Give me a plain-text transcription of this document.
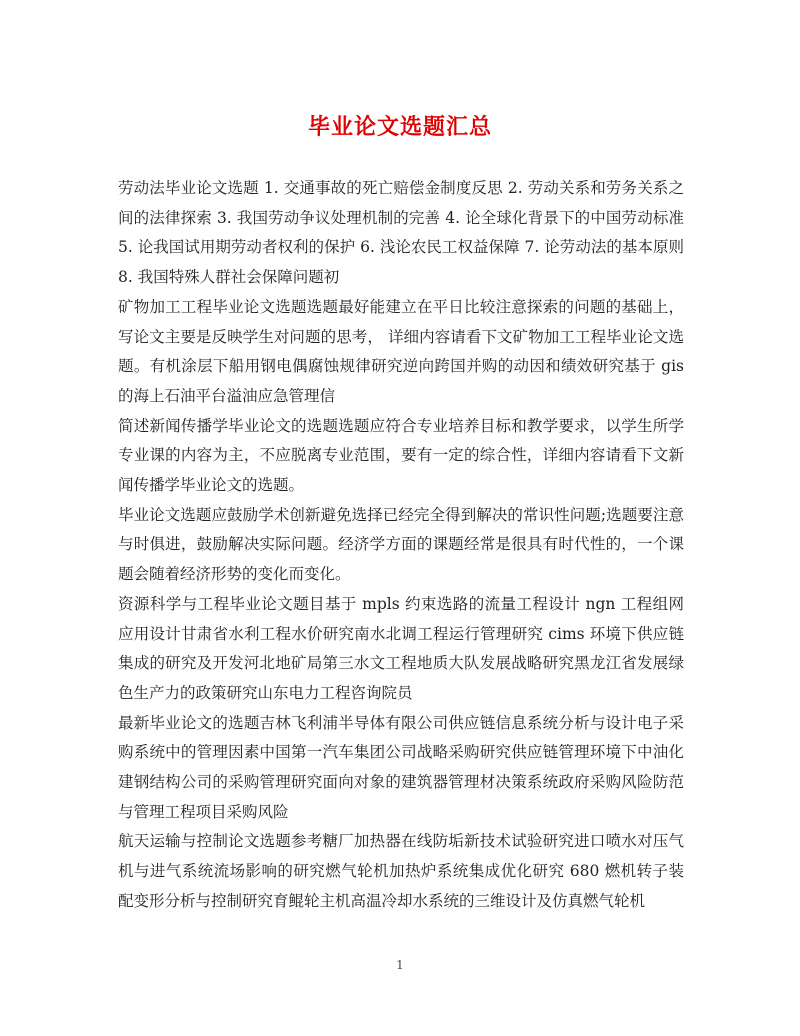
毕业论文选题汇总

劳动法毕业论文选题 1. 交通事故的死亡赔偿金制度反思 2. 劳动关系和劳务关系之间的法律探索 3. 我国劳动争议处理机制的完善 4. 论全球化背景下的中国劳动标准 5. 论我国试用期劳动者权利的保护 6. 浅论农民工权益保障 7. 论劳动法的基本原则 8. 我国特殊人群社会保障问题初

矿物加工工程毕业论文选题选题最好能建立在平日比较注意探索的问题的基础上，写论文主要是反映学生对问题的思考， 详细内容请看下文矿物加工工程毕业论文选题。有机涂层下船用钢电偶腐蚀规律研究逆向跨国并购的动因和绩效研究基于 gis 的海上石油平台溢油应急管理信

简述新闻传播学毕业论文的选题选题应符合专业培养目标和教学要求，以学生所学专业课的内容为主，不应脱离专业范围，要有一定的综合性，详细内容请看下文新闻传播学毕业论文的选题。

毕业论文选题应鼓励学术创新避免选择已经完全得到解决的常识性问题;选题要注意与时俱进，鼓励解决实际问题。经济学方面的课题经常是很具有时代性的，一个课题会随着经济形势的变化而变化。

资源科学与工程毕业论文题目基于 mpls 约束选路的流量工程设计 ngn 工程组网应用设计甘肃省水利工程水价研究南水北调工程运行管理研究 cims 环境下供应链集成的研究及开发河北地矿局第三水文工程地质大队发展战略研究黑龙江省发展绿色生产力的政策研究山东电力工程咨询院员

最新毕业论文的选题吉林飞利浦半导体有限公司供应链信息系统分析与设计电子采购系统中的管理因素中国第一汽车集团公司战略采购研究供应链管理环境下中油化建钢结构公司的采购管理研究面向对象的建筑器管理材决策系统政府采购风险防范与管理工程项目采购风险

航天运输与控制论文选题参考糖厂加热器在线防垢新技术试验研究进口喷水对压气机与进气系统流场影响的研究燃气轮机加热炉系统集成优化研究 680 燃机转子装配变形分析与控制研究育鲲轮主机高温冷却水系统的三维设计及仿真燃气轮机

1
